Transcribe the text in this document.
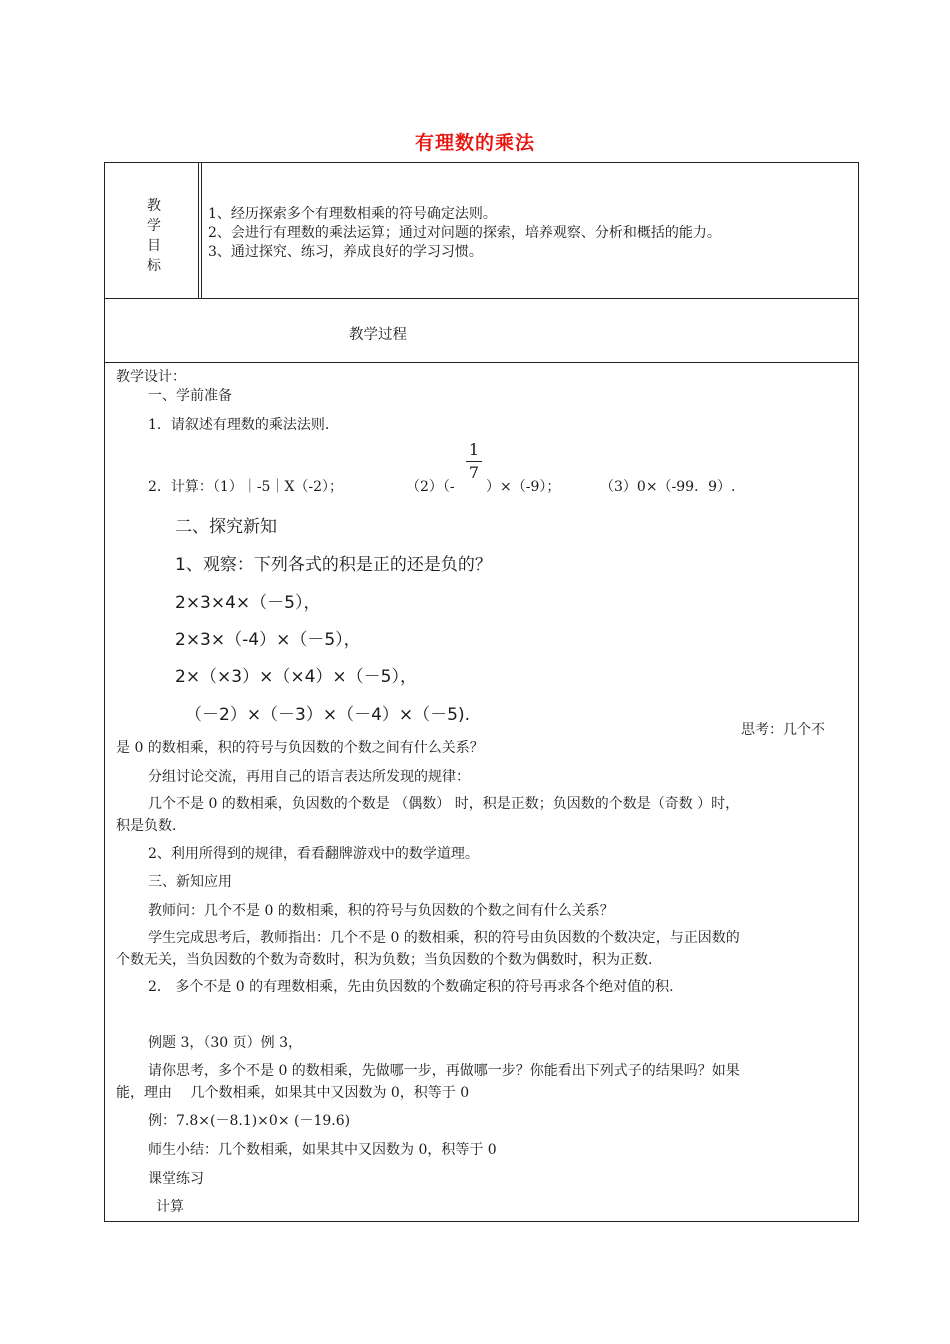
有理数的乘法
教
学
目
标
1、经历探索多个有理数相乘的符号确定法则。
2、会进行有理数的乘法运算；通过对问题的探索，培养观察、分析和概括的能力。
3、通过探究、练习，养成良好的学习习惯。
教学过程
教学设计：
一、学前准备
1．请叙述有理数的乘法法则.
2．计算：（1）｜-5｜X（-2）；	（2）（-
1
7
）×（-9）；	（3）0×（-99．9）.
二、探究新知
1、观察：下列各式的积是正的还是负的？
2×3×4×（－5），
2×3×（-4）×（－5），
2×（×3）×（×4）×（－5），
（－2）×（－3）×（－4）×（－5).
思考：几个不
是 0 的数相乘，积的符号与负因数的个数之间有什么关系？
分组讨论交流，再用自己的语言表达所发现的规律：
几个不是 0 的数相乘，负因数的个数是 （偶数） 时，积是正数；负因数的个数是（奇数 ）时，
积是负数.
2、利用所得到的规律，看看翻牌游戏中的数学道理。
三、新知应用
教师问：几个不是 0 的数相乘，积的符号与负因数的个数之间有什么关系？
学生完成思考后，教师指出：几个不是 0 的数相乘，积的符号由负因数的个数决定，与正因数的
个数无关，当负因数的个数为奇数时，积为负数；当负因数的个数为偶数时，积为正数.
2． 多个不是 0 的有理数相乘，先由负因数的个数确定积的符号再求各个绝对值的积.
例题 3，（30 页）例 3，
请你思考，多个不是 0 的数相乘，先做哪一步，再做哪一步？你能看出下列式子的结果吗？如果
能，理由　 几个数相乘，如果其中又因数为 0，积等于 0
例：7.8×(－8.1)×0× (－19.6)
师生小结：几个数相乘，如果其中又因数为 0，积等于 0
课堂练习
计算
